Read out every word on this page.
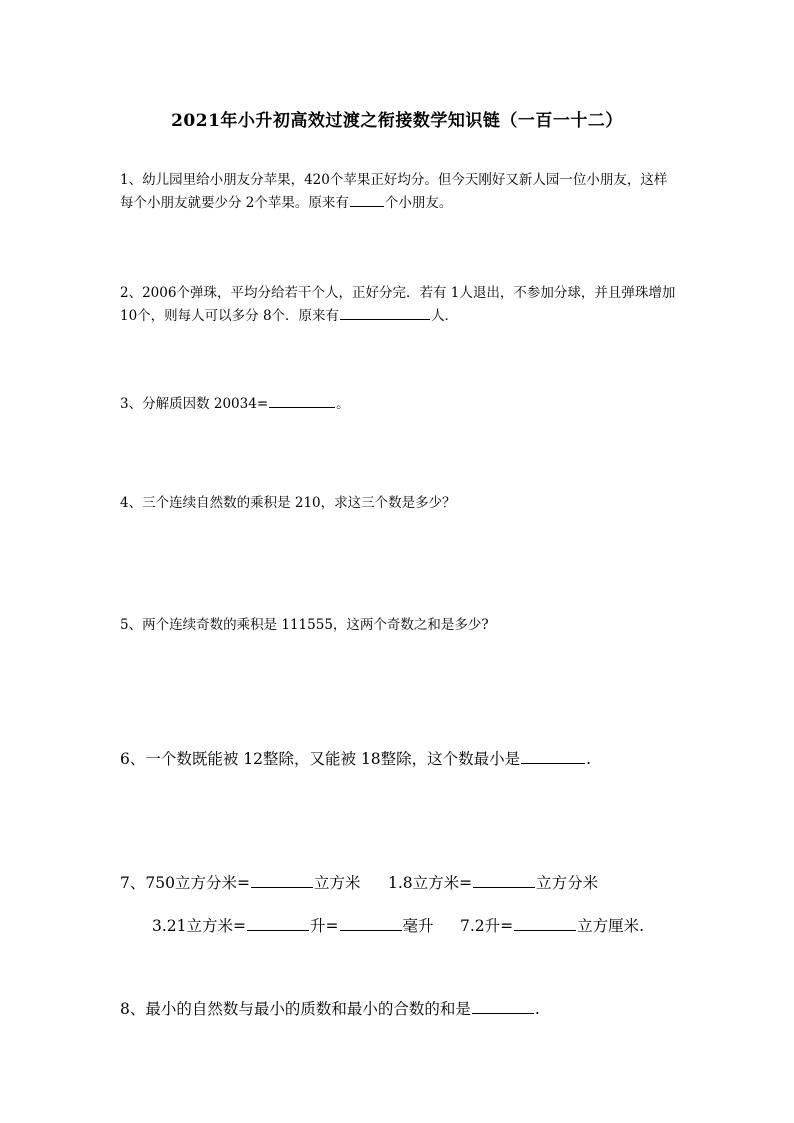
2021年小升初高效过渡之衔接数学知识链（一百一十二）
1、幼儿园里给小朋友分苹果，420个苹果正好均分。但今天刚好又新人园一位小朋友，这样每个小朋友就要少分 2个苹果。原来有	个小朋友。
2、2006个弹珠，平均分给若干个人，正好分完．若有 1人退出，不参加分球，并且弹珠增加 10个，则每人可以多分 8个．原来有	人．
3、分解质因数 20034=	。
4、三个连续自然数的乘积是 210，求这三个数是多少？
5、两个连续奇数的乘积是 111555，这两个奇数之和是多少?
6、一个数既能被 12整除，又能被 18整除，这个数最小是	.
7、750立方分米=	立方米 1.8立方米=	立方分米
3.21立方米=	升=	毫升 7.2升=	立方厘米.
8、最小的自然数与最小的质数和最小的合数的和是	.
